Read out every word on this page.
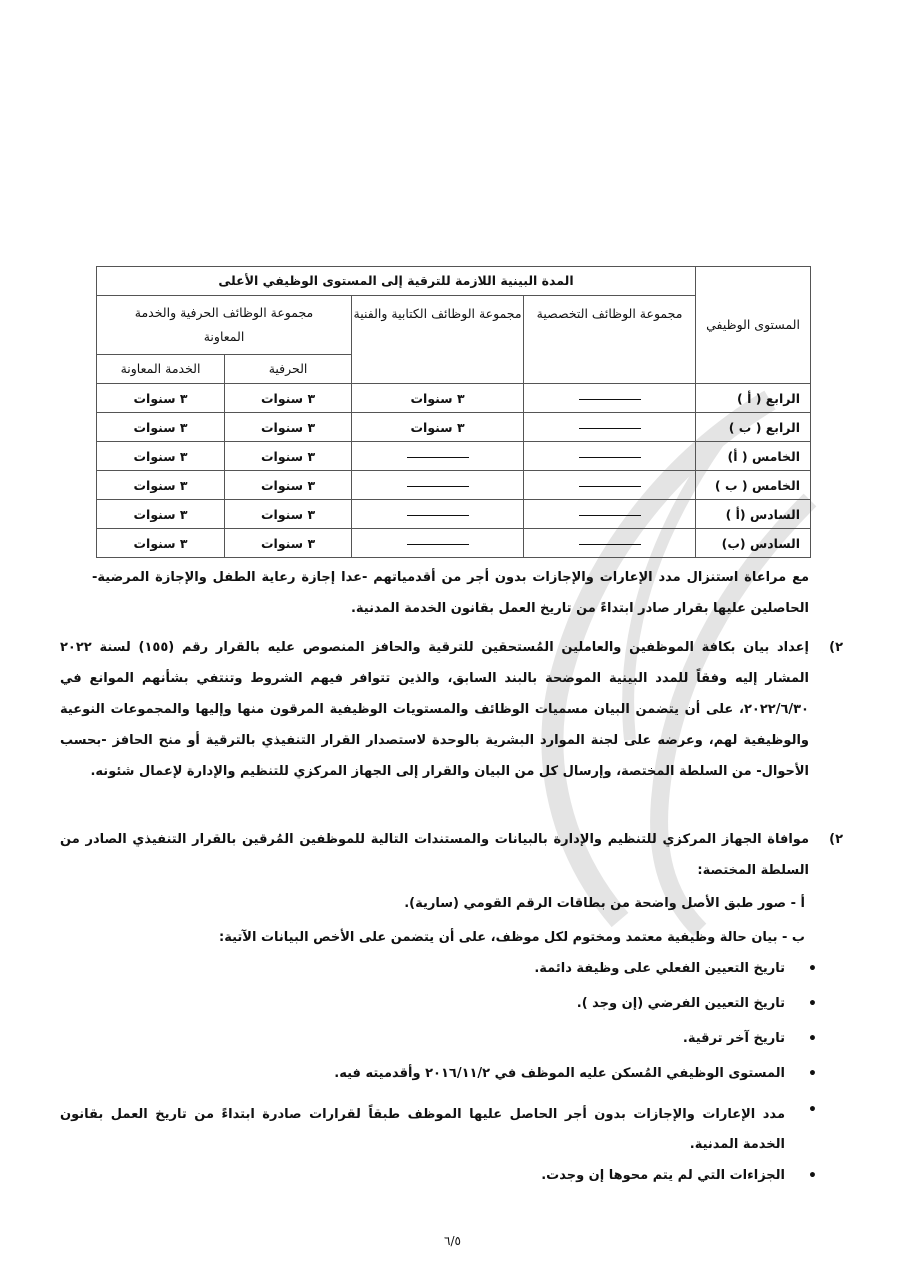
المستوى الوظيفي	المدة البينية اللازمة للترقية إلى المستوى الوظيفي الأعلى			
	مجموعة الوظائف التخصصية	مجموعة الوظائف الكتابية والفنية	مجموعة الوظائف الحرفية والخدمة المعاونة	
			الحرفية	الخدمة المعاونة
الرابع ( أ )		٣ سنوات	٣ سنوات	٣ سنوات
الرابع ( ب )		٣ سنوات	٣ سنوات	٣ سنوات
الخامس ( أ)			٣ سنوات	٣ سنوات
الخامس ( ب )			٣ سنوات	٣ سنوات
السادس (أ )			٣ سنوات	٣ سنوات
السادس (ب)			٣ سنوات	٣ سنوات
مع مراعاة استنزال مدد الإعارات والإجازات بدون أجر من أقدمياتهم -عدا إجازة رعاية الطفل والإجازة المرضية- الحاصلين عليها بقرار صادر ابتداءً من تاريخ العمل بقانون الخدمة المدنية.
٢)
إعداد بيان بكافة الموظفين والعاملين المُستحقين للترقية والحافز المنصوص عليه بالقرار رقم (١٥٥) لسنة ٢٠٢٢ المشار إليه وفقاً للمدد البينية الموضحة بالبند السابق، والذين تتوافر فيهم الشروط وتنتفي بشأنهم الموانع في ٢٠٢٢/٦/٣٠، على أن يتضمن البيان مسميات الوظائف والمستويات الوظيفية المرقون منها وإليها والمجموعات النوعية والوظيفية لهم، وعرضه على لجنة الموارد البشرية بالوحدة لاستصدار القرار التنفيذي بالترقية أو منح الحافز -بحسب الأحوال- من السلطة المختصة، وإرسال كل من البيان والقرار إلى الجهاز المركزي للتنظيم والإدارة لإعمال شئونه.
٢)
موافاة الجهاز المركزي للتنظيم والإدارة بالبيانات والمستندات التالية للموظفين المُرقين بالقرار التنفيذي الصادر من السلطة المختصة:
أ - صور طبق الأصل واضحة من بطاقات الرقم القومي (سارية).
ب - بيان حالة وظيفية معتمد ومختوم لكل موظف، على أن يتضمن على الأخص البيانات الآتية:
•
تاريخ التعيين الفعلي على وظيفة دائمة.
•
تاريخ التعيين الفرضي (إن وجد ).
•
تاريخ آخر ترقية.
•
المستوى الوظيفي المُسكن عليه الموظف في ٢٠١٦/١١/٢ وأقدميته فيه.
•
مدد الإعارات والإجازات بدون أجر الحاصل عليها الموظف طبقاً لقرارات صادرة ابتداءً من تاريخ العمل بقانون الخدمة المدنية.
•
الجزاءات التي لم يتم محوها إن وجدت.
٦/٥
